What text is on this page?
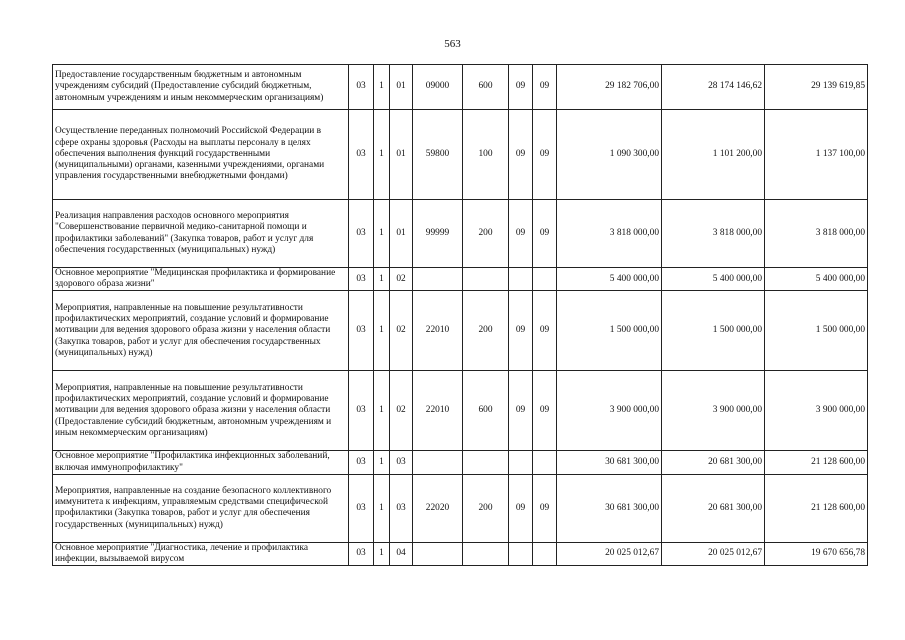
563
Предоставление государственным бюджетным и автономным учреждениям субсидий (Предоставление субсидий бюджетным, автономным учреждениям и иным некоммерческим организациям)	03	1	01	09000	600	09	09	29 182 706,00	28 174 146,62	29 139 619,85
Осуществление переданных полномочий Российской Федерации в сфере охраны здоровья (Расходы на выплаты персоналу в целях обеспечения выполнения функций государственными (муниципальными) органами, казенными учреждениями, органами управления государственными внебюджетными фондами)	03	1	01	59800	100	09	09	1 090 300,00	1 101 200,00	1 137 100,00
Реализация направления расходов основного мероприятия "Совершенствование первичной медико-санитарной помощи и профилактики заболеваний" (Закупка товаров, работ и услуг для обеспечения государственных (муниципальных) нужд)	03	1	01	99999	200	09	09	3 818 000,00	3 818 000,00	3 818 000,00
Основное мероприятие "Медицинская профилактика и формирование здорового образа жизни"	03	1	02					5 400 000,00	5 400 000,00	5 400 000,00
Мероприятия, направленные на повышение результативности профилактических мероприятий, создание условий и формирование мотивации для ведения здорового образа жизни у населения области (Закупка товаров, работ и услуг для обеспечения государственных (муниципальных) нужд)	03	1	02	22010	200	09	09	1 500 000,00	1 500 000,00	1 500 000,00
Мероприятия, направленные на повышение результативности профилактических мероприятий, создание условий и формирование мотивации для ведения здорового образа жизни у населения области (Предоставление субсидий бюджетным, автономным учреждениям и иным некоммерческим организациям)	03	1	02	22010	600	09	09	3 900 000,00	3 900 000,00	3 900 000,00
Основное мероприятие "Профилактика инфекционных заболеваний, включая иммунопрофилактику"	03	1	03					30 681 300,00	20 681 300,00	21 128 600,00
Мероприятия, направленные на создание безопасного коллективного иммунитета к инфекциям, управляемым средствами специфической профилактики (Закупка товаров, работ и услуг для обеспечения государственных (муниципальных) нужд)	03	1	03	22020	200	09	09	30 681 300,00	20 681 300,00	21 128 600,00
Основное мероприятие "Диагностика, лечение и профилактика инфекции, вызываемой вирусом	03	1	04					20 025 012,67	20 025 012,67	19 670 656,78
